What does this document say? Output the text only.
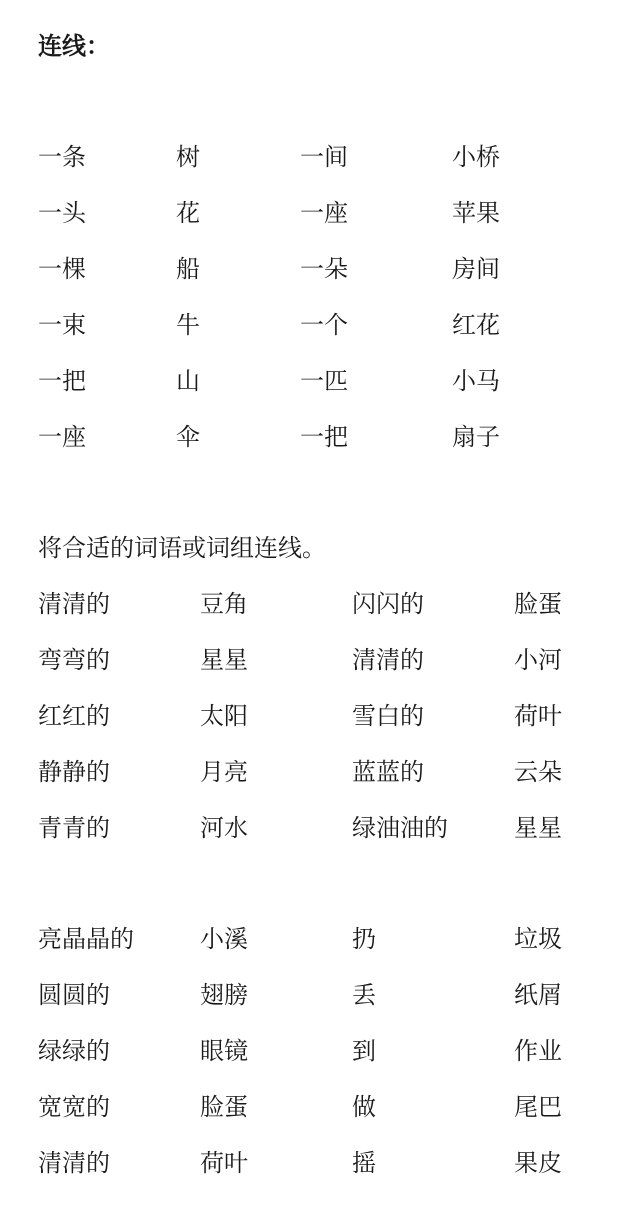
连线：
一条	树	一间	小桥
一头	花	一座	苹果
一棵	船	一朵	房间
一束	牛	一个	红花
一把	山	一匹	小马
一座	伞	一把	扇子
将合适的词语或词组连线。
清清的	豆角	闪闪的	脸蛋
弯弯的	星星	清清的	小河
红红的	太阳	雪白的	荷叶
静静的	月亮	蓝蓝的	云朵
青青的	河水	绿油油的	星星
亮晶晶的	小溪	扔	垃圾
圆圆的	翅膀	丢	纸屑
绿绿的	眼镜	到	作业
宽宽的	脸蛋	做	尾巴
清清的	荷叶	摇	果皮
